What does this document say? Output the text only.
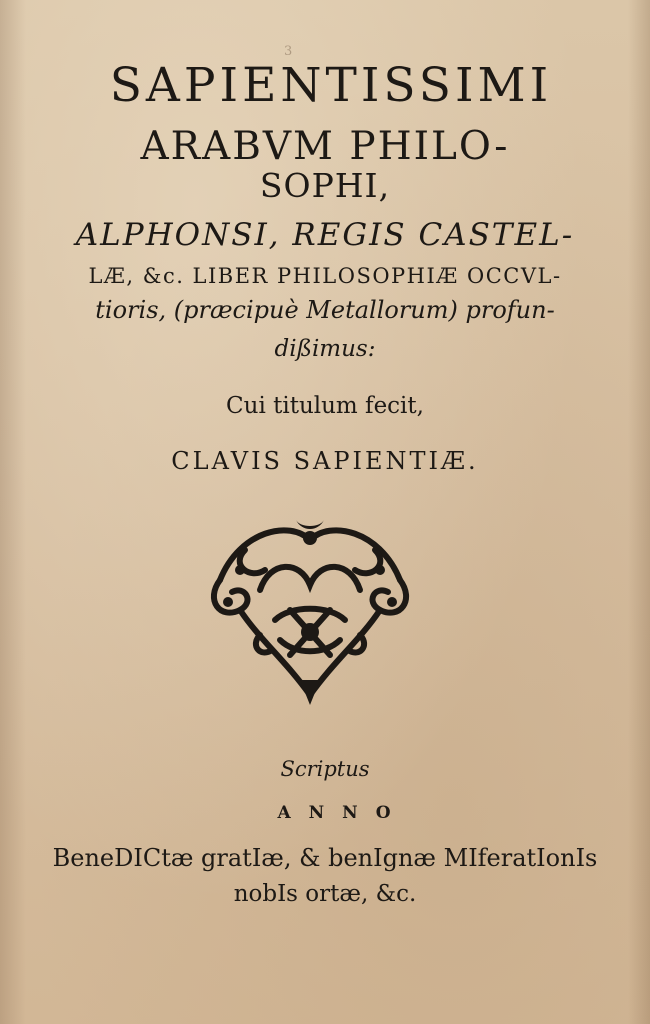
3
SAPIENTISSIMI
ARABVM PHILO-
SOPHI,
ALPHONSI, REGIS CASTEL-
LÆ, &c. LIBER PHILOSOPHIÆ OCCVL-
tioris, (præcipuè Metallorum) profun-
dißimus:
Cui titulum fecit,
CLAVIS SAPIENTIÆ.
Scriptus
ANNO
BeneDICtæ gratIæ, & benIgnæ MIferatIonIs
nobIs ortæ, &c.
